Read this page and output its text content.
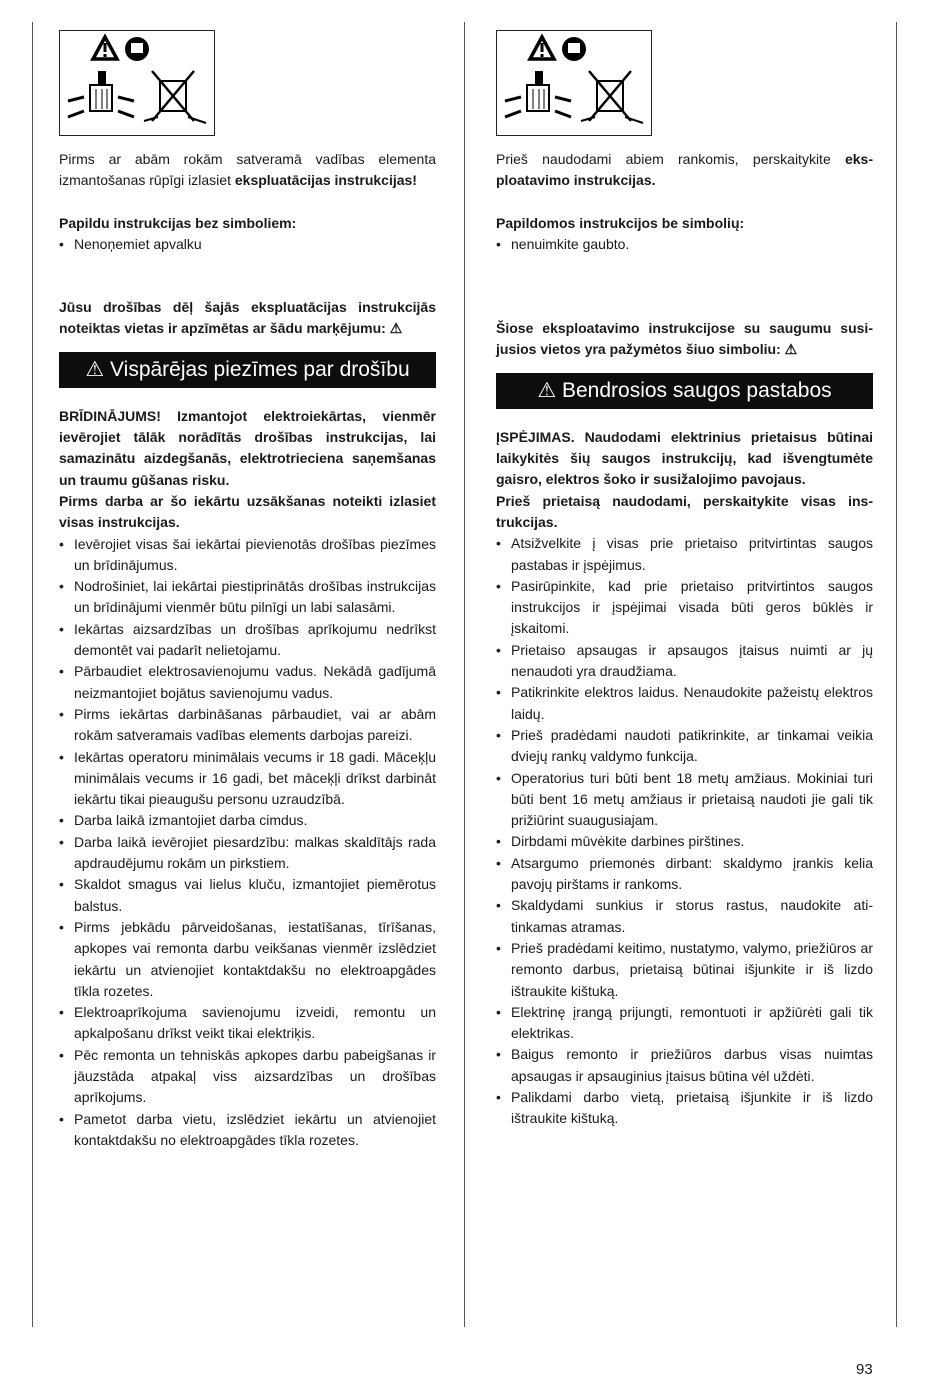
Pirms ar abām rokām satveramā vadības elementa izmantošanas rūpīgi izlasiet ekspluatācijas instrukcijas!

Papildu instrukcijas bez simboliem:

• Nenoņemiet apvalku

Jūsu drošības dēļ šajās ekspluatācijas instrukcijās noteiktas vietas ir apzīmētas ar šādu marķējumu: ⚠

⚠ Vispārējas piezīmes par drošību

BRĪDINĀJUMS! Izmantojot elektroiekārtas, vienmēr ievērojiet tālāk norādītās drošības instrukcijas, lai samazinātu aizdegšanās, elektrotrieciena saņemšanas un traumu gūšanas risku.

Pirms darba ar šo iekārtu uzsākšanas noteikti izlasiet visas instrukcijas.

• Ievērojiet visas šai iekārtai pievienotās drošības piezīmes un brīdinājumus.
• Nodrošiniet, lai iekārtai piestiprinātās drošības instrukcijas un brīdinājumi vienmēr būtu pilnīgi un labi salasāmi.
• Iekārtas aizsardzības un drošības aprīkojumu nedrīkst demontēt vai padarīt nelietojamu.
• Pārbaudiet elektrosavienojumu vadus. Nekādā gadījumā neizmantojiet bojātus savienojumu vadus.
• Pirms iekārtas darbināšanas pārbaudiet, vai ar abām rokām satveramais vadības elements darbojas pareizi.
• Iekārtas operatoru minimālais vecums ir 18 gadi. Māceķļu minimālais vecums ir 16 gadi, bet māceķļi drīkst darbināt iekārtu tikai pieaugušu personu uzraudzībā.
• Darba laikā izmantojiet darba cimdus.
• Darba laikā ievērojiet piesardzību: malkas skaldītājs rada apdraudējumu rokām un pirkstiem.
• Skaldot smagus vai lielus kluču, izmantojiet piemērotus balstus.
• Pirms jebkādu pārveidošanas, iestatīšanas, tīrīšanas, apkopes vai remonta darbu veikšanas vienmēr izslēdziet iekārtu un atvienojiet kontaktdakšu no elektroapgādes tīkla rozetes.
• Elektroaprīkojuma savienojumu izveidi, remontu un apkalpošanu drīkst veikt tikai elektriķis.
• Pēc remonta un tehniskās apkopes darbu pabeigšanas ir jāuzstāda atpakaļ viss aizsardzības un drošības aprīkojums.
• Pametot darba vietu, izslēdziet iekārtu un atvienojiet kontaktdakšu no elektroapgādes tīkla rozetes.

Prieš naudodami abiem rankomis, perskaitykite eksploatavimo instrukcijas.

Papildomos instrukcijos be simbolių:

• nenuimkite gaubto.

Šiose eksploatavimo instrukcijose su saugumu susijusios vietos yra pažymėtos šiuo simboliu: ⚠

⚠ Bendrosios saugos pastabos

ĮSPĖJIMAS. Naudodami elektrinius prietaisus būtinai laikykitės šių saugos instrukcijų, kad išvengtumėte gaisro, elektros šoko ir susižalojimo pavojaus.

Prieš prietaisą naudodami, perskaitykite visas instrukcijas.

• Atsižvelkite į visas prie prietaiso pritvirtintas saugos pastabas ir įspėjimus.
• Pasirūpinkite, kad prie prietaiso pritvirtintos saugos instrukcijos ir įspėjimai visada būti geros būklės ir įskaitomi.
• Prietaiso apsaugas ir apsaugos įtaisus nuimti ar jų nenaudoti yra draudžiama.
• Patikrinkite elektros laidus. Nenaudokite pažeistų elektros laidų.
• Prieš pradėdami naudoti patikrinkite, ar tinkamai veikia dviejų rankų valdymo funkcija.
• Operatorius turi būti bent 18 metų amžiaus. Mokiniai turi būti bent 16 metų amžiaus ir prietaisą naudoti jie gali tik prižiūrint suaugusiajam.
• Dirbdami mūvėkite darbines pirštines.
• Atsargumo priemonės dirbant: skaldymo įrankis kelia pavojų pirštams ir rankoms.
• Skaldydami sunkius ir storus rastus, naudokite atitinkamas atramas.
• Prieš pradėdami keitimo, nustatymo, valymo, priežiūros ar remonto darbus, prietaisą būtinai išjunkite ir iš lizdo ištraukite kištuką.
• Elektrinę įrangą prijungti, remontuoti ir apžiūrėti gali tik elektrikas.
• Baigus remonto ir priežiūros darbus visas nuimtas apsaugas ir apsauginius įtaisus būtina vėl uždėti.
• Palikdami darbo vietą, prietaisą išjunkite ir iš lizdo ištraukite kištuką.
93
